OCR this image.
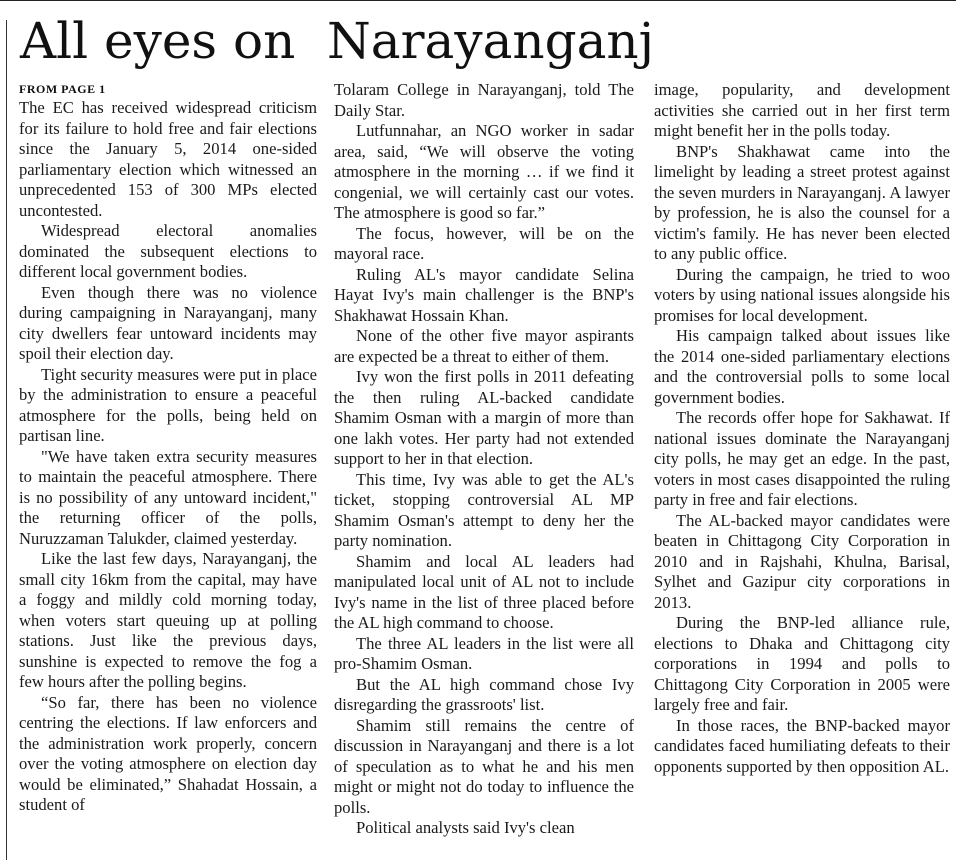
All eyes on  Narayanganj

FROM PAGE 1

The EC has received widespread criticism for its failure to hold free and fair elections since the January 5, 2014 one-sided parliamentary election which witnessed an unprecedented 153 of 300 MPs elected uncontested.

Widespread electoral anomalies dominated the subsequent elections to different local government bodies.

Even though there was no violence during campaigning in Narayanganj, many city dwellers fear untoward incidents may spoil their election day.

Tight security measures were put in place by the administration to ensure a peaceful atmosphere for the polls, being held on partisan line.

"We have taken extra security measures to maintain the peaceful atmosphere. There is no possibility of any untoward incident," the returning officer of the polls, Nuruzzaman Talukder, claimed yesterday.

Like the last few days, Narayanganj, the small city 16km from the capital, may have a foggy and mildly cold morning today, when voters start queuing up at polling stations. Just like the previous days, sunshine is expected to remove the fog a few hours after the polling begins.

“So far, there has been no violence centring the elections. If law enforcers and the administration work properly, concern over the voting atmosphere on election day would be eliminated,” Shahadat Hossain, a student of

Tolaram College in Narayanganj, told The Daily Star.

Lutfunnahar, an NGO worker in sadar area, said, “We will observe the voting atmosphere in the morning … if we find it congenial, we will certainly cast our votes. The atmosphere is good so far.”

The focus, however, will be on the mayoral race.

Ruling AL's mayor candidate Selina Hayat Ivy's main challenger is the BNP's Shakhawat Hossain Khan.

None of the other five mayor aspirants are expected be a threat to either of them.

Ivy won the first polls in 2011 defeating the then ruling AL-backed candidate Shamim Osman with a margin of more than one lakh votes. Her party had not extended support to her in that election.

This time, Ivy was able to get the AL's ticket, stopping controversial AL MP Shamim Osman's attempt to deny her the party nomination.

Shamim and local AL leaders had manipulated local unit of AL not to include Ivy's name in the list of three placed before the AL high command to choose.

The three AL leaders in the list were all pro-Shamim Osman.

But the AL high command chose Ivy disregarding the grassroots' list.

Shamim still remains the centre of discussion in Narayanganj and there is a lot of speculation as to what he and his men might or might not do today to influence the polls.

Political analysts said Ivy's clean

image, popularity, and development activities she carried out in her first term might benefit her in the polls today.

BNP's Shakhawat came into the limelight by leading a street protest against the seven murders in Narayanganj. A lawyer by profession, he is also the counsel for a victim's family. He has never been elected to any public office.

During the campaign, he tried to woo voters by using national issues alongside his promises for local development.

His campaign talked about issues like the 2014 one-sided parliamentary elections and the controversial polls to some local government bodies.

The records offer hope for Sakhawat. If national issues dominate the Narayanganj city polls, he may get an edge. In the past, voters in most cases disappointed the ruling party in free and fair elections.

The AL-backed mayor candidates were beaten in Chittagong City Corporation in 2010 and in Rajshahi, Khulna, Barisal, Sylhet and Gazipur city corporations in 2013.

During the BNP-led alliance rule, elections to Dhaka and Chittagong city corporations in 1994 and polls to Chittagong City Corporation in 2005 were largely free and fair.

In those races, the BNP-backed mayor candidates faced humiliating defeats to their opponents supported by then opposition AL.
